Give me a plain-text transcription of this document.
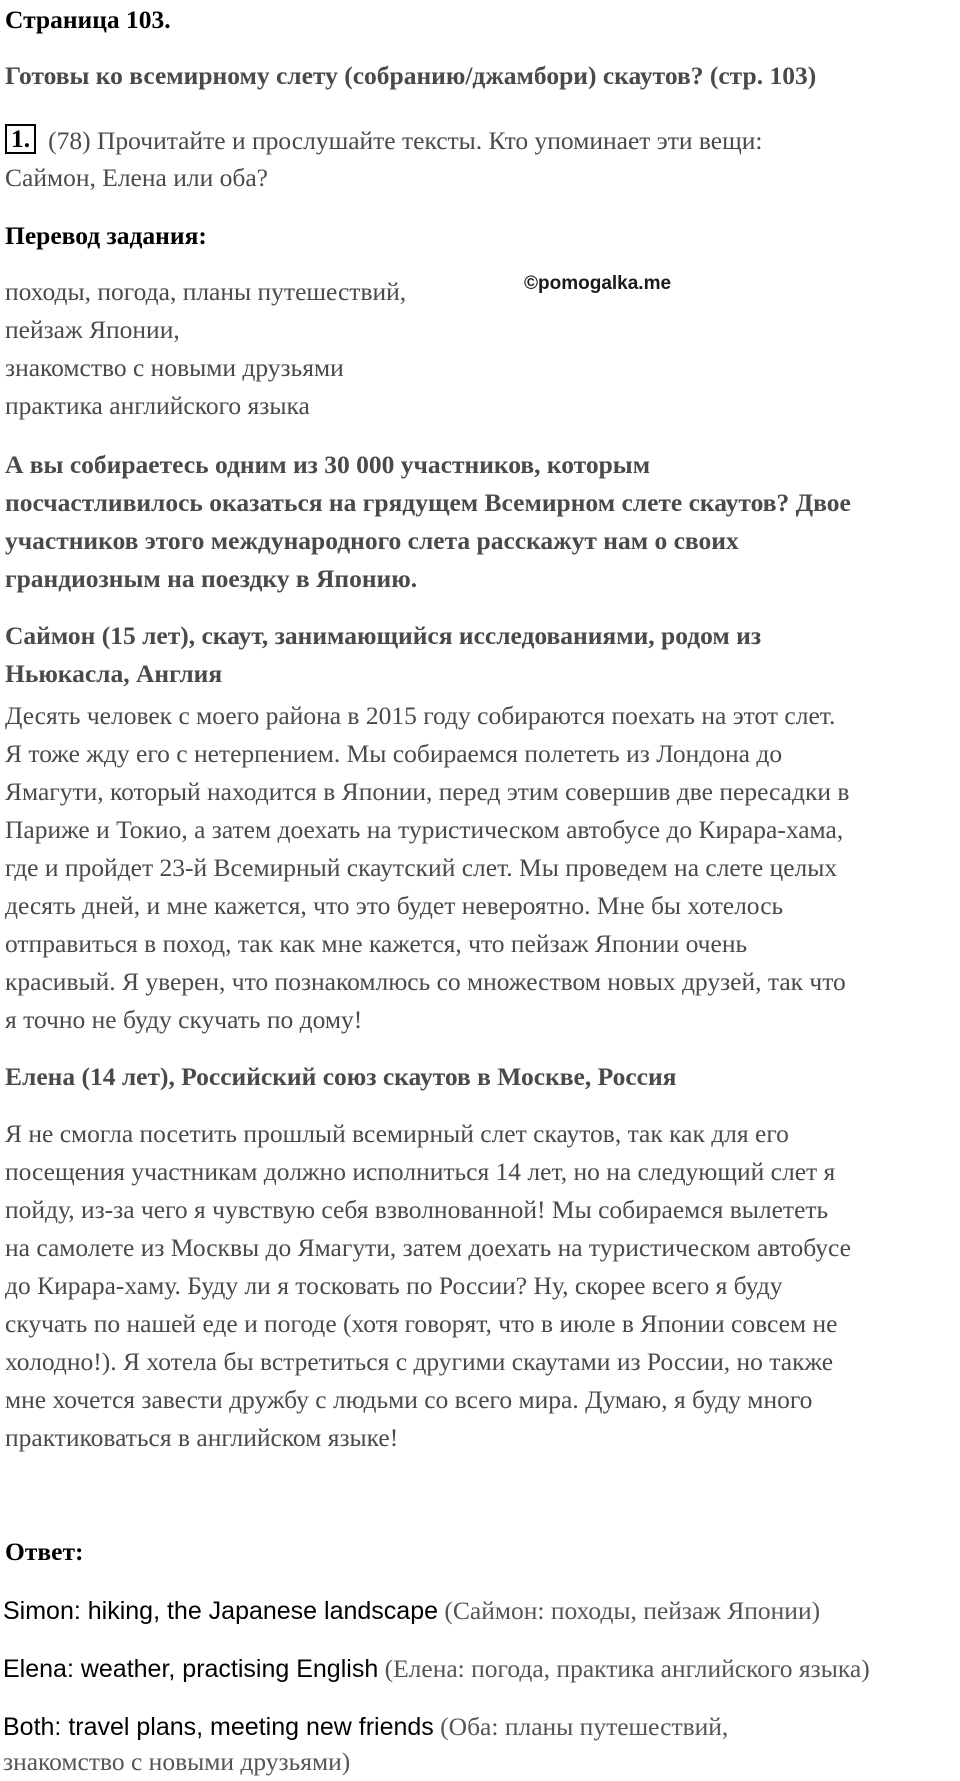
Страница 103.
Готовы ко всемирному слету (собранию/джамбори) скаутов? (стр. 103)
1. (78) Прочитайте и прослушайте тексты. Кто упоминает эти вещи:
Саймон, Елена или оба?
Перевод задания:
походы, погода, планы путешествий,
пейзаж Японии,
знакомство с новыми друзьями
практика английского языка
©pomogalka.me
А вы собираетесь одним из 30 000 участников, которым
посчастливилось оказаться на грядущем Всемирном слете скаутов? Двое
участников этого международного слета расскажут нам о своих
грандиозным на поездку в Японию.
Саймон (15 лет), скаут, занимающийся исследованиями, родом из
Ньюкасла, Англия
Десять человек с моего района в 2015 году собираются поехать на этот слет.
Я тоже жду его с нетерпением. Мы собираемся полететь из Лондона до
Ямагути, который находится в Японии, перед этим совершив две пересадки в
Париже и Токио, а затем доехать на туристическом автобусе до Кирара-хама,
где и пройдет 23-й Всемирный скаутский слет. Мы проведем на слете целых
десять дней, и мне кажется, что это будет невероятно. Мне бы хотелось
отправиться в поход, так как мне кажется, что пейзаж Японии очень
красивый. Я уверен, что познакомлюсь со множеством новых друзей, так что
я точно не буду скучать по дому!
Елена (14 лет), Российский союз скаутов в Москве, Россия
Я не смогла посетить прошлый всемирный слет скаутов, так как для его
посещения участникам должно исполниться 14 лет, но на следующий слет я
пойду, из-за чего я чувствую себя взволнованной! Мы собираемся вылететь
на самолете из Москвы до Ямагути, затем доехать на туристическом автобусе
до Кирара-хаму. Буду ли я тосковать по России? Ну, скорее всего я буду
скучать по нашей еде и погоде (хотя говорят, что в июле в Японии совсем не
холодно!). Я хотела бы встретиться с другими скаутами из России, но также
мне хочется завести дружбу с людьми со всего мира. Думаю, я буду много
практиковаться в английском языке!
Ответ:
Simon: hiking, the Japanese landscape (Саймон: походы, пейзаж Японии)
Elena: weather, practising English (Елена: погода, практика английского языка)
Both: travel plans, meeting new friends (Оба: планы путешествий,
знакомство с новыми друзьями)
